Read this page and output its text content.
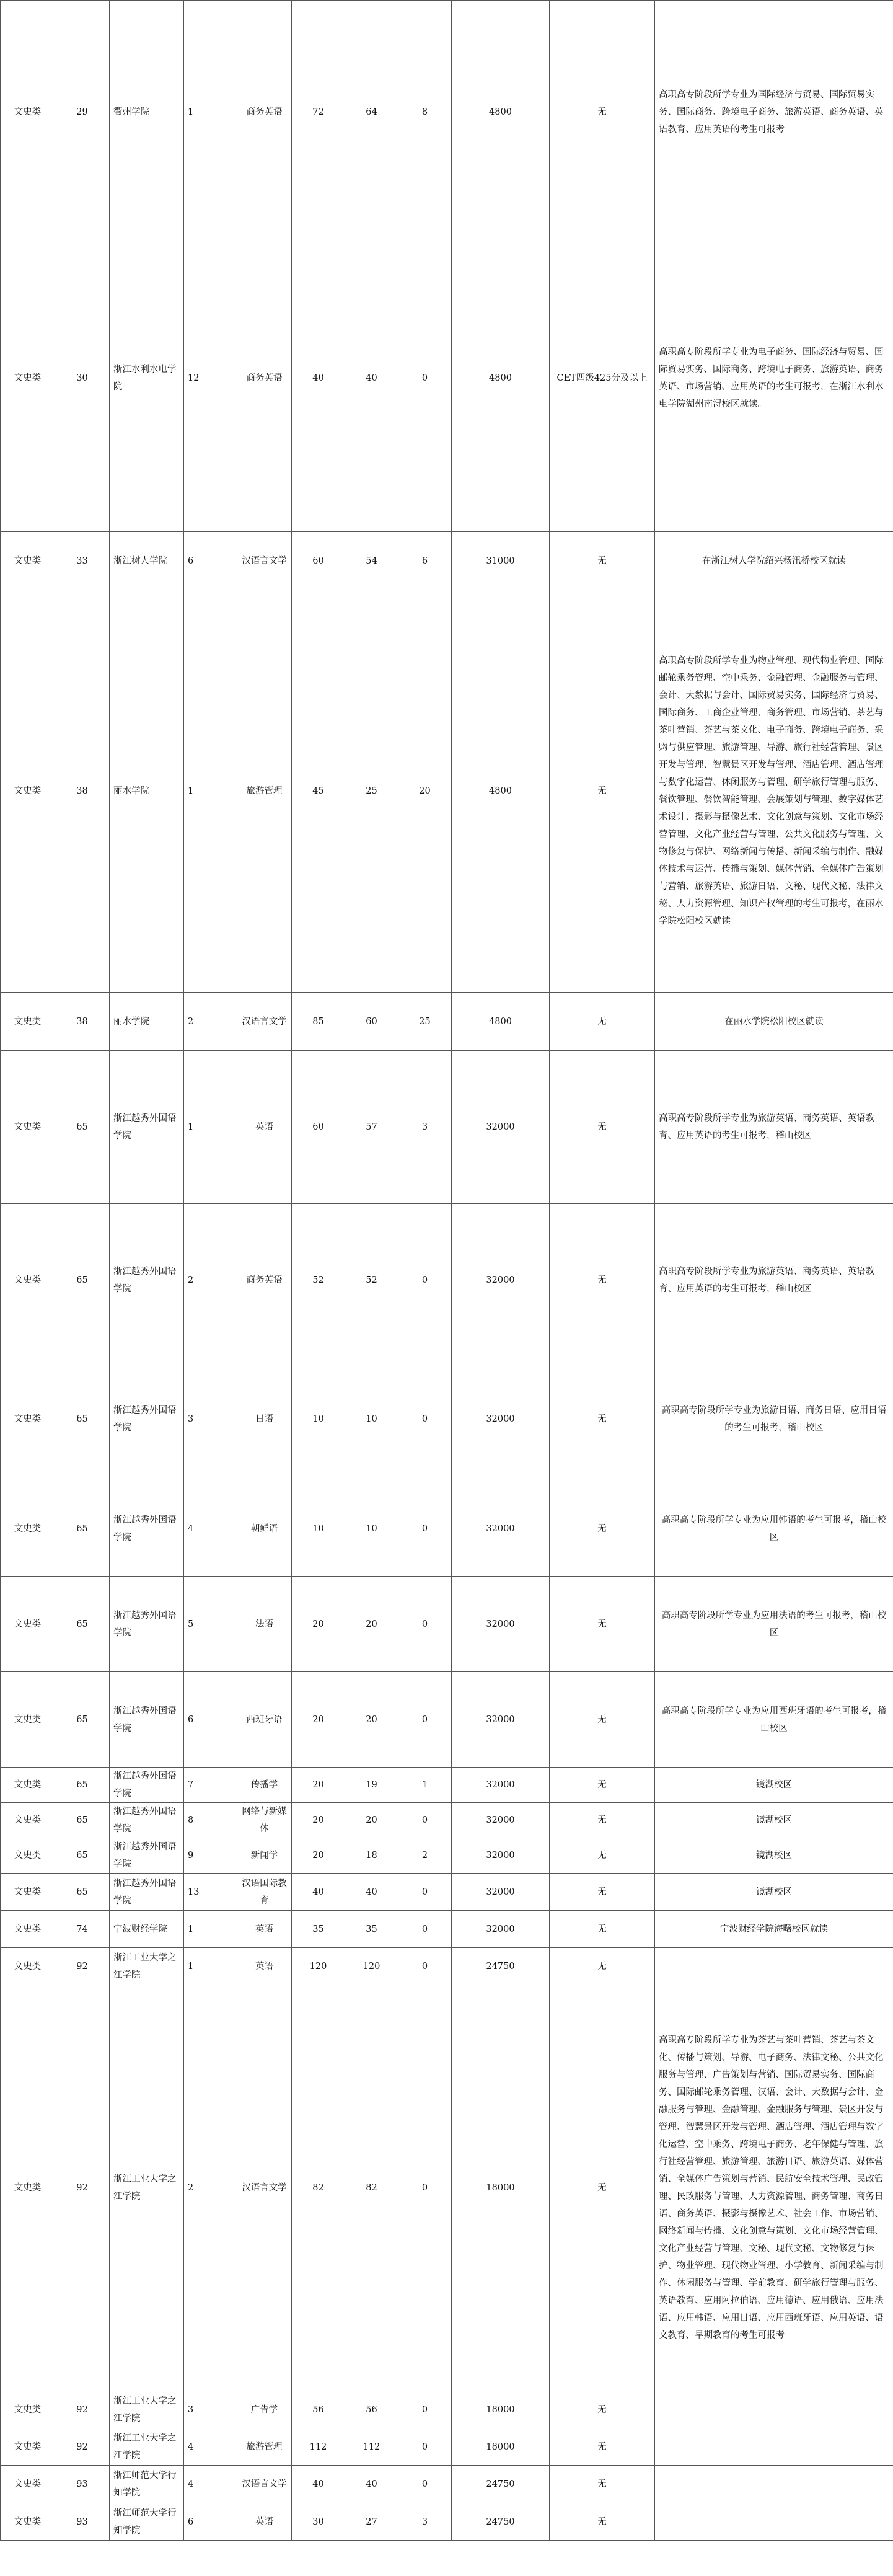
文史类	29	衢州学院	1	商务英语	72	64	8	4800	无	高职高专阶段所学专业为国际经济与贸易、国际贸易实务、国际商务、跨境电子商务、旅游英语、商务英语、英语教育、应用英语的考生可报考
文史类	30	浙江水利水电学院	12	商务英语	40	40	0	4800	CET四级425分及以上	高职高专阶段所学专业为电子商务、国际经济与贸易、国际贸易实务、国际商务、跨境电子商务、旅游英语、商务英语、市场营销、应用英语的考生可报考，在浙江水利水电学院湖州南浔校区就读。
文史类	33	浙江树人学院	6	汉语言文学	60	54	6	31000	无	在浙江树人学院绍兴杨汛桥校区就读
文史类	38	丽水学院	1	旅游管理	45	25	20	4800	无	高职高专阶段所学专业为物业管理、现代物业管理、国际邮轮乘务管理、空中乘务、金融管理、金融服务与管理、会计、大数据与会计、国际贸易实务、国际经济与贸易、国际商务、工商企业管理、商务管理、市场营销、茶艺与茶叶营销、茶艺与茶文化、电子商务、跨境电子商务、采购与供应管理、旅游管理、导游、旅行社经营管理、景区开发与管理、智慧景区开发与管理、酒店管理、酒店管理与数字化运营、休闲服务与管理、研学旅行管理与服务、餐饮管理、餐饮智能管理、会展策划与管理、数字媒体艺术设计、摄影与摄像艺术、文化创意与策划、文化市场经营管理、文化产业经营与管理、公共文化服务与管理、文物修复与保护、网络新闻与传播、新闻采编与制作、融媒体技术与运营、传播与策划、媒体营销、全媒体广告策划与营销、旅游英语、旅游日语、文秘、现代文秘、法律文秘、人力资源管理、知识产权管理的考生可报考，在丽水学院松阳校区就读
文史类	38	丽水学院	2	汉语言文学	85	60	25	4800	无	在丽水学院松阳校区就读
文史类	65	浙江越秀外国语学院	1	英语	60	57	3	32000	无	高职高专阶段所学专业为旅游英语、商务英语、英语教育、应用英语的考生可报考，稽山校区
文史类	65	浙江越秀外国语学院	2	商务英语	52	52	0	32000	无	高职高专阶段所学专业为旅游英语、商务英语、英语教育、应用英语的考生可报考，稽山校区
文史类	65	浙江越秀外国语学院	3	日语	10	10	0	32000	无	高职高专阶段所学专业为旅游日语、商务日语、应用日语的考生可报考，稽山校区
文史类	65	浙江越秀外国语学院	4	朝鲜语	10	10	0	32000	无	高职高专阶段所学专业为应用韩语的考生可报考，稽山校区
文史类	65	浙江越秀外国语学院	5	法语	20	20	0	32000	无	高职高专阶段所学专业为应用法语的考生可报考，稽山校区
文史类	65	浙江越秀外国语学院	6	西班牙语	20	20	0	32000	无	高职高专阶段所学专业为应用西班牙语的考生可报考，稽山校区
文史类	65	浙江越秀外国语学院	7	传播学	20	19	1	32000	无	镜湖校区
文史类	65	浙江越秀外国语学院	8	网络与新媒体	20	20	0	32000	无	镜湖校区
文史类	65	浙江越秀外国语学院	9	新闻学	20	18	2	32000	无	镜湖校区
文史类	65	浙江越秀外国语学院	13	汉语国际教育	40	40	0	32000	无	镜湖校区
文史类	74	宁波财经学院	1	英语	35	35	0	32000	无	宁波财经学院海曙校区就读
文史类	92	浙江工业大学之江学院	1	英语	120	120	0	24750	无	
文史类	92	浙江工业大学之江学院	2	汉语言文学	82	82	0	18000	无	高职高专阶段所学专业为茶艺与茶叶营销、茶艺与茶文化、传播与策划、导游、电子商务、法律文秘、公共文化服务与管理、广告策划与营销、国际贸易实务、国际商务、国际邮轮乘务管理、汉语、会计、大数据与会计、金融服务与管理、金融管理、金融服务与管理、景区开发与管理、智慧景区开发与管理、酒店管理、酒店管理与数字化运营、空中乘务、跨境电子商务、老年保健与管理、旅行社经营管理、旅游管理、旅游日语、旅游英语、媒体营销、全媒体广告策划与营销、民航安全技术管理、民政管理、民政服务与管理、人力资源管理、商务管理、商务日语、商务英语、摄影与摄像艺术、社会工作、市场营销、网络新闻与传播、文化创意与策划、文化市场经营管理、文化产业经营与管理、文秘、现代文秘、文物修复与保护、物业管理、现代物业管理、小学教育、新闻采编与制作、休闲服务与管理、学前教育、研学旅行管理与服务、英语教育、应用阿拉伯语、应用德语、应用俄语、应用法语、应用韩语、应用日语、应用西班牙语、应用英语、语文教育、早期教育的考生可报考
文史类	92	浙江工业大学之江学院	3	广告学	56	56	0	18000	无	
文史类	92	浙江工业大学之江学院	4	旅游管理	112	112	0	18000	无	
文史类	93	浙江师范大学行知学院	4	汉语言文学	40	40	0	24750	无	
文史类	93	浙江师范大学行知学院	6	英语	30	27	3	24750	无	
